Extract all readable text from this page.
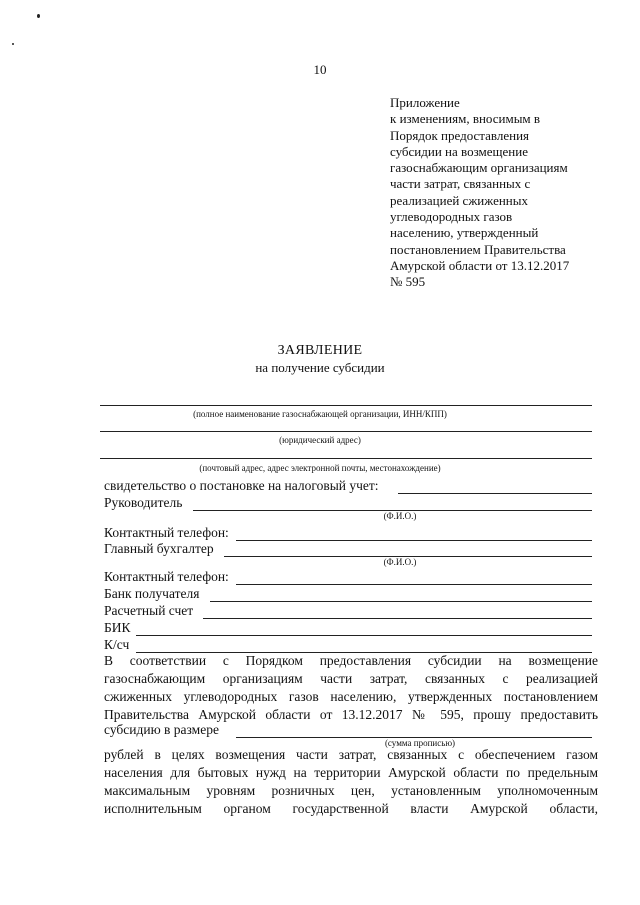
10
Приложение
к изменениям, вносимым в
Порядок предоставления
субсидии на возмещение
газоснабжающим организациям
части затрат, связанных с
реализацией сжиженных
углеводородных газов
населению, утвержденный
постановлением Правительства
Амурской области от 13.12.2017
№ 595
ЗАЯВЛЕНИЕ
на получение субсидии
(полное наименование газоснабжающей организации, ИНН/КПП)
(юридический адрес)
(почтовый адрес, адрес электронной почты, местонахождение)
свидетельство о постановке на налоговый учет:
Руководитель
(Ф.И.О.)
Контактный телефон:
Главный бухгалтер
(Ф.И.О.)
Контактный телефон:
Банк получателя
Расчетный счет
БИК
К/сч
В соответствии с Порядком предоставления субсидии на возмещение
газоснабжающим организациям части затрат, связанных с реализацией
сжиженных углеводородных газов населению, утвержденных постановлением
Правительства Амурской области от 13.12.2017 № 595, прошу предоставить
субсидию в размере
(сумма прописью)
рублей в целях возмещения части затрат, связанных с обеспечением газом
населения для бытовых нужд на территории Амурской области по предельным
максимальным уровням розничных цен, установленным уполномоченным
исполнительным органом государственной власти Амурской области,
